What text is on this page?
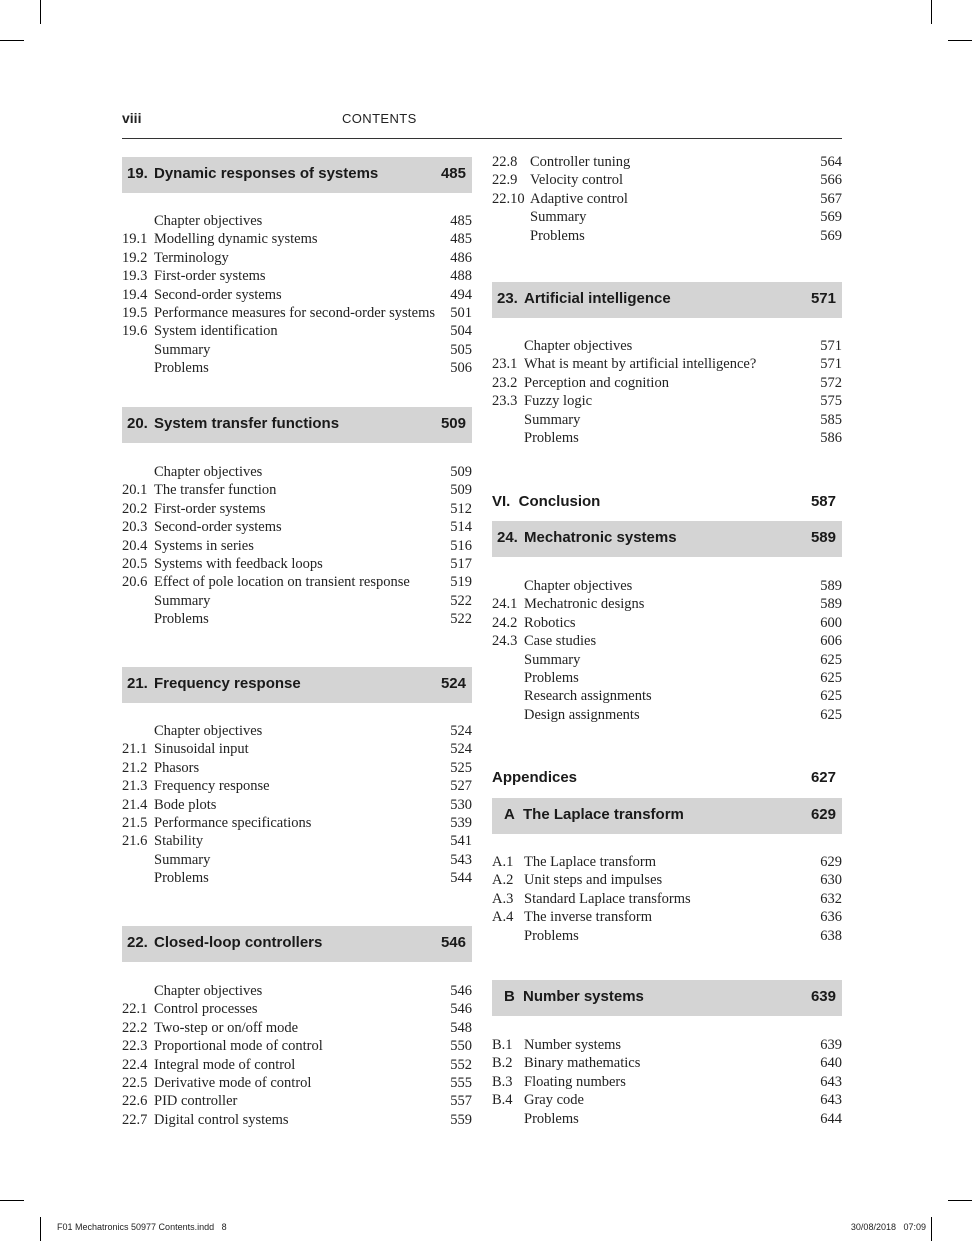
viii	CONTENTS
19. Dynamic responses of systems	485
Chapter objectives	485
19.1 Modelling dynamic systems	485
19.2 Terminology	486
19.3 First-order systems	488
19.4 Second-order systems	494
19.5 Performance measures for second-order systems 501
19.6 System identification	504
Summary	505
Problems	506
20. System transfer functions	509
Chapter objectives	509
20.1 The transfer function	509
20.2 First-order systems	512
20.3 Second-order systems	514
20.4 Systems in series	516
20.5 Systems with feedback loops	517
20.6 Effect of pole location on transient response	519
Summary	522
Problems	522
21. Frequency response	524
Chapter objectives	524
21.1 Sinusoidal input	524
21.2 Phasors	525
21.3 Frequency response	527
21.4 Bode plots	530
21.5 Performance specifications	539
21.6 Stability	541
Summary	543
Problems	544
22. Closed-loop controllers	546
Chapter objectives	546
22.1 Control processes	546
22.2 Two-step or on/off mode	548
22.3 Proportional mode of control	550
22.4 Integral mode of control	552
22.5 Derivative mode of control	555
22.6 PID controller	557
22.7 Digital control systems	559
22.8 Controller tuning	564
22.9 Velocity control	566
22.10 Adaptive control	567
Summary	569
Problems	569
23. Artificial intelligence	571
Chapter objectives	571
23.1 What is meant by artificial intelligence?	571
23.2 Perception and cognition	572
23.3 Fuzzy logic	575
Summary	585
Problems	586
VI.  Conclusion	587
24. Mechatronic systems	589
Chapter objectives	589
24.1 Mechatronic designs	589
24.2 Robotics	600
24.3 Case studies	606
Summary	625
Problems	625
Research assignments	625
Design assignments	625
Appendices	627
A The Laplace transform	629
A.1 The Laplace transform	629
A.2 Unit steps and impulses	630
A.3 Standard Laplace transforms	632
A.4 The inverse transform	636
Problems	638
B Number systems	639
B.1 Number systems	639
B.2 Binary mathematics	640
B.3 Floating numbers	643
B.4 Gray code	643
Problems	644
F01 Mechatronics 50977 Contents.indd   8	30/08/2018   07:09
